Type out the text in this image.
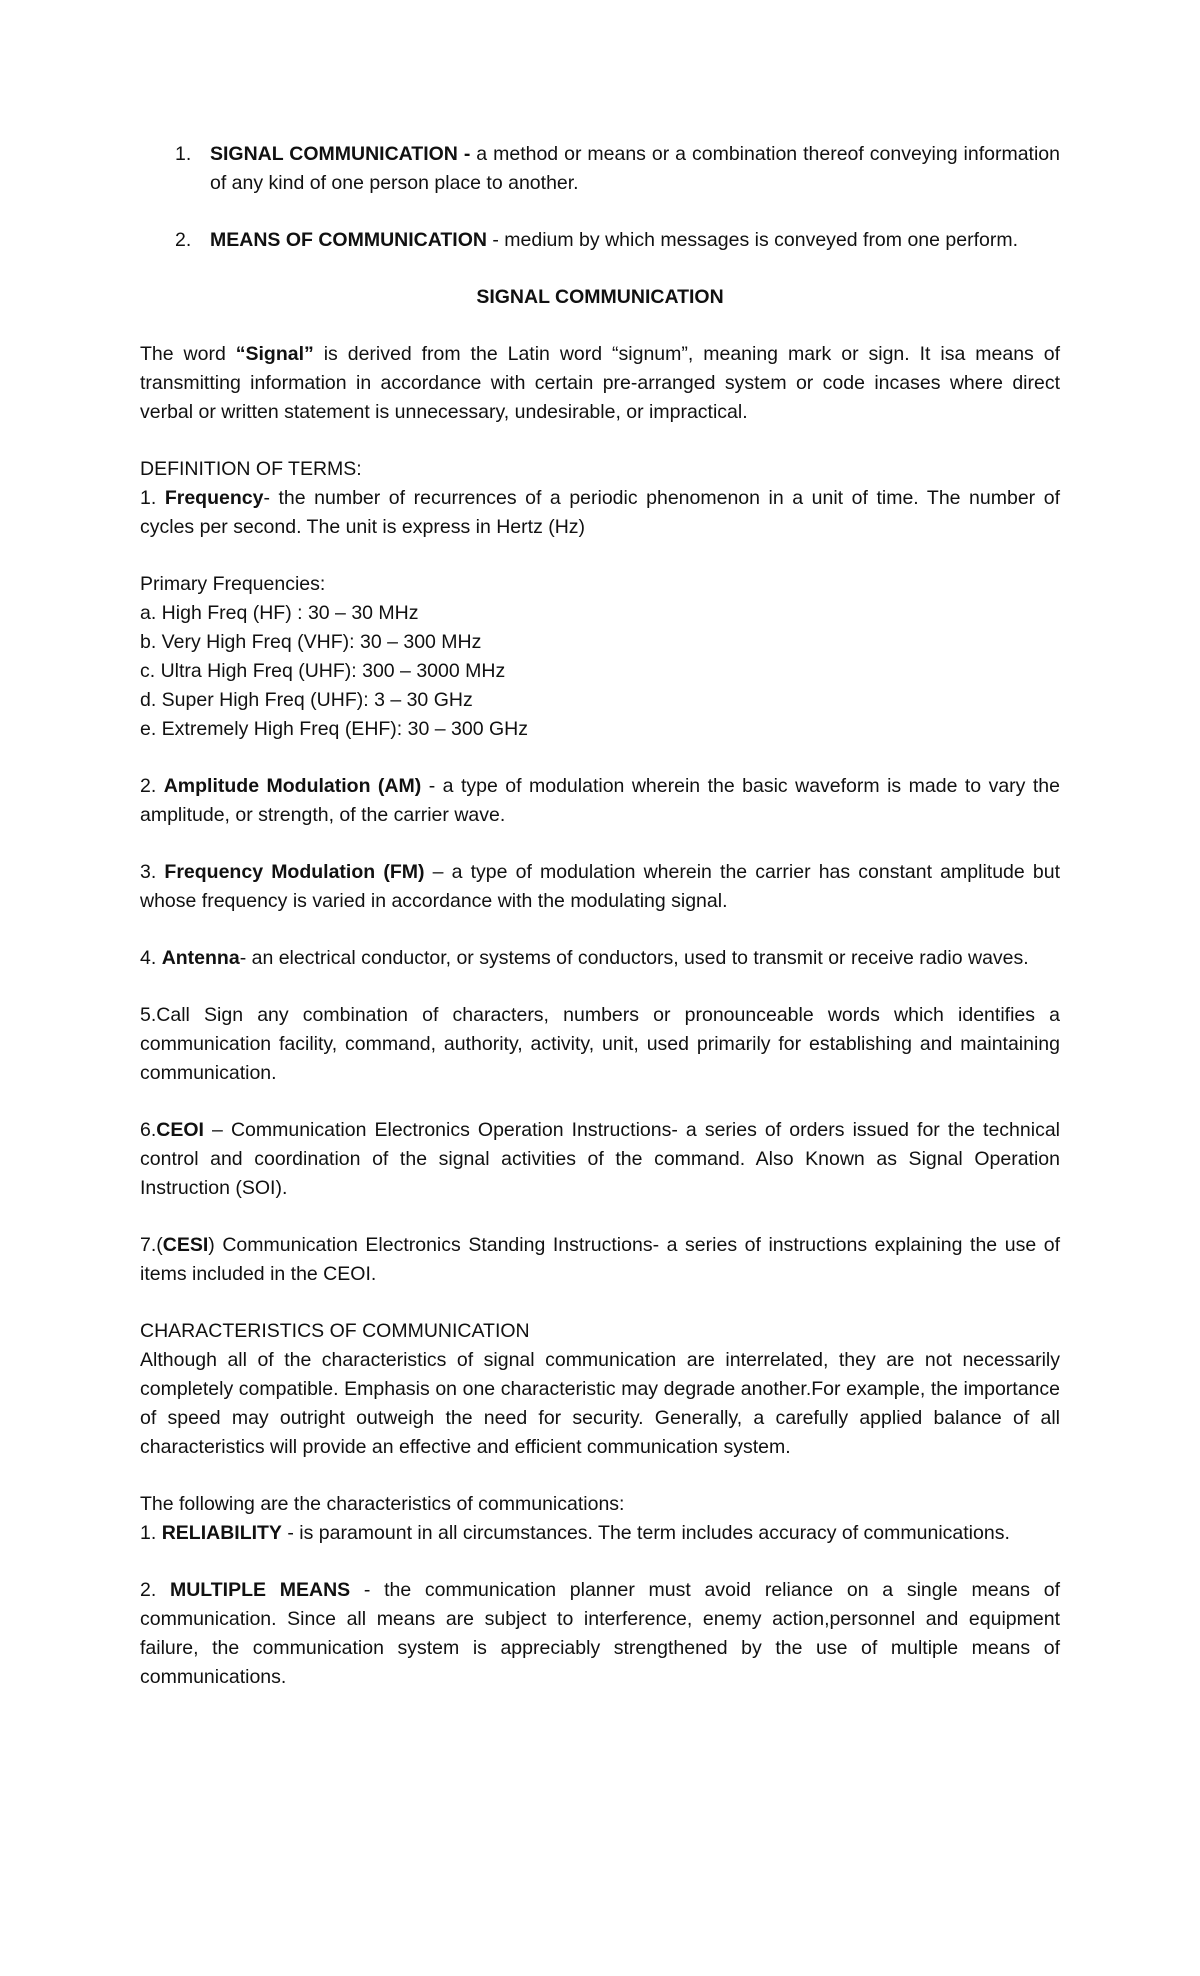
1. SIGNAL COMMUNICATION - a method or means or a combination thereof conveying information of any kind of one person place to another.
2. MEANS OF COMMUNICATION - medium by which messages is conveyed from one perform.

SIGNAL COMMUNICATION

The word “Signal” is derived from the Latin word “signum”, meaning mark or sign. It isa means of transmitting information in accordance with certain pre-arranged system or code incases where direct verbal or written statement is unnecessary, undesirable, or impractical.

DEFINITION OF TERMS:

1. Frequency- the number of recurrences of a periodic phenomenon in a unit of time. The number of cycles per second. The unit is express in Hertz (Hz)

Primary Frequencies:

a. High Freq (HF) : 30 – 30 MHz

b. Very High Freq (VHF): 30 – 300 MHz

c. Ultra High Freq (UHF): 300 – 3000 MHz

d. Super High Freq (UHF): 3 – 30 GHz

e. Extremely High Freq (EHF): 30 – 300 GHz

2. Amplitude Modulation (AM) - a type of modulation wherein the basic waveform is made to vary the amplitude, or strength, of the carrier wave.

3. Frequency Modulation (FM) – a type of modulation wherein the carrier has constant amplitude but whose frequency is varied in accordance with the modulating signal.

4. Antenna- an electrical conductor, or systems of conductors, used to transmit or receive radio waves.

5.Call Sign any combination of characters, numbers or pronounceable words which identifies a communication facility, command, authority, activity, unit, used primarily for establishing and maintaining communication.

6.CEOI – Communication Electronics Operation Instructions- a series of orders issued for the technical control and coordination of the signal activities of the command. Also Known as Signal Operation Instruction (SOI).

7.(CESI) Communication Electronics Standing Instructions- a series of instructions explaining the use of items included in the CEOI.

CHARACTERISTICS OF COMMUNICATION

Although all of the characteristics of signal communication are interrelated, they are not necessarily completely compatible. Emphasis on one characteristic may degrade another.For example, the importance of speed may outright outweigh the need for security. Generally, a carefully applied balance of all characteristics will provide an effective and efficient communication system.

The following are the characteristics of communications:

1. RELIABILITY - is paramount in all circumstances. The term includes accuracy of communications.

2. MULTIPLE MEANS - the communication planner must avoid reliance on a single means of communication. Since all means are subject to interference, enemy action,personnel and equipment failure, the communication system is appreciably strengthened by the use of multiple means of communications.
